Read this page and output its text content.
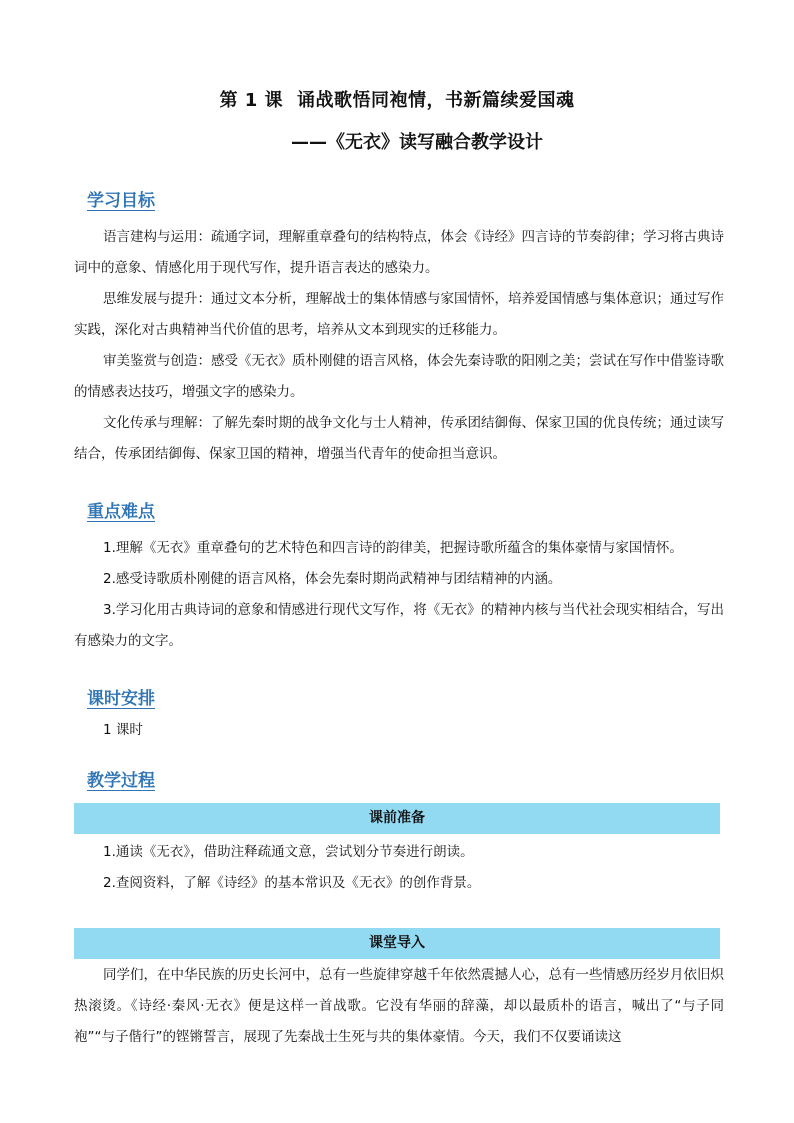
第 1 课 诵战歌悟同袍情，书新篇续爱国魂
——《无衣》读写融合教学设计
学习目标
语言建构与运用：疏通字词，理解重章叠句的结构特点，体会《诗经》四言诗的节奏韵律；学习将古典诗词中的意象、情感化用于现代写作，提升语言表达的感染力。
思维发展与提升：通过文本分析，理解战士的集体情感与家国情怀，培养爱国情感与集体意识；通过写作实践，深化对古典精神当代价值的思考，培养从文本到现实的迁移能力。
审美鉴赏与创造：感受《无衣》质朴刚健的语言风格，体会先秦诗歌的阳刚之美；尝试在写作中借鉴诗歌的情感表达技巧，增强文字的感染力。
文化传承与理解：了解先秦时期的战争文化与士人精神，传承团结御侮、保家卫国的优良传统；通过读写结合，传承团结御侮、保家卫国的精神，增强当代青年的使命担当意识。
重点难点
1.理解《无衣》重章叠句的艺术特色和四言诗的韵律美，把握诗歌所蕴含的集体豪情与家国情怀。
2.感受诗歌质朴刚健的语言风格，体会先秦时期尚武精神与团结精神的内涵。
3.学习化用古典诗词的意象和情感进行现代文写作，将《无衣》的精神内核与当代社会现实相结合，写出有感染力的文字。
课时安排
1 课时
教学过程
课前准备
1.通读《无衣》，借助注释疏通文意，尝试划分节奏进行朗读。
2.查阅资料，了解《诗经》的基本常识及《无衣》的创作背景。
课堂导入
同学们，在中华民族的历史长河中，总有一些旋律穿越千年依然震撼人心，总有一些情感历经岁月依旧炽热滚烫。《诗经·秦风·无衣》便是这样一首战歌。它没有华丽的辞藻，却以最质朴的语言，喊出了“与子同袍”“与子偕行”的铿锵誓言，展现了先秦战士生死与共的集体豪情。今天，我们不仅要诵读这
